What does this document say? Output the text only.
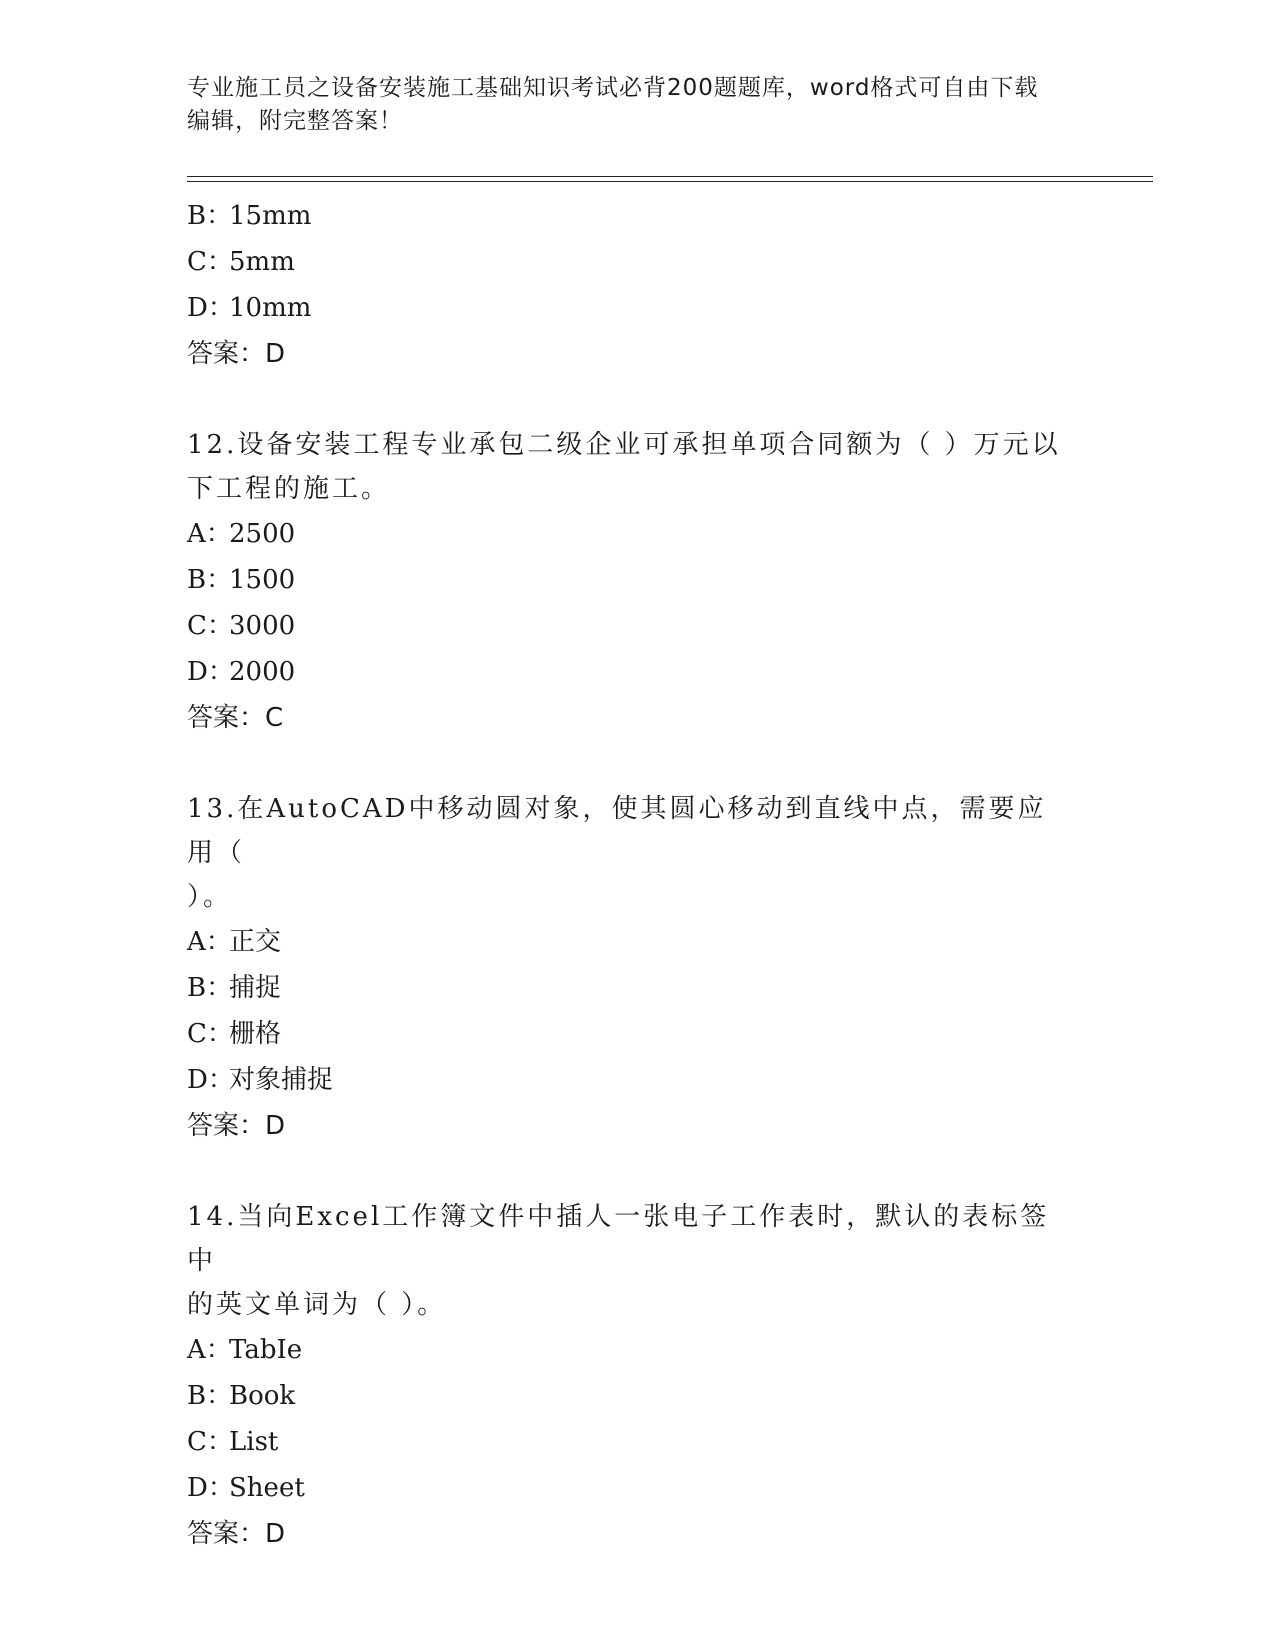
专业施工员之设备安装施工基础知识考试必背200题题库，word格式可自由下载
编辑，附完整答案！
B：15mm
C：5mm
D：10mm
答案：D
12.设备安装工程专业承包二级企业可承担单项合同额为（ ）万元以
下工程的施工。
A：2500
B：1500
C：3000
D：2000
答案：C
13.在AutoCAD中移动圆对象，使其圆心移动到直线中点，需要应用（
）。
A：正交
B：捕捉
C：栅格
D：对象捕捉
答案：D
14.当向Excel工作簿文件中插人一张电子工作表时，默认的表标签中
的英文单词为（ ）。
A：TabIe
B：Book
C：List
D：Sheet
答案：D
